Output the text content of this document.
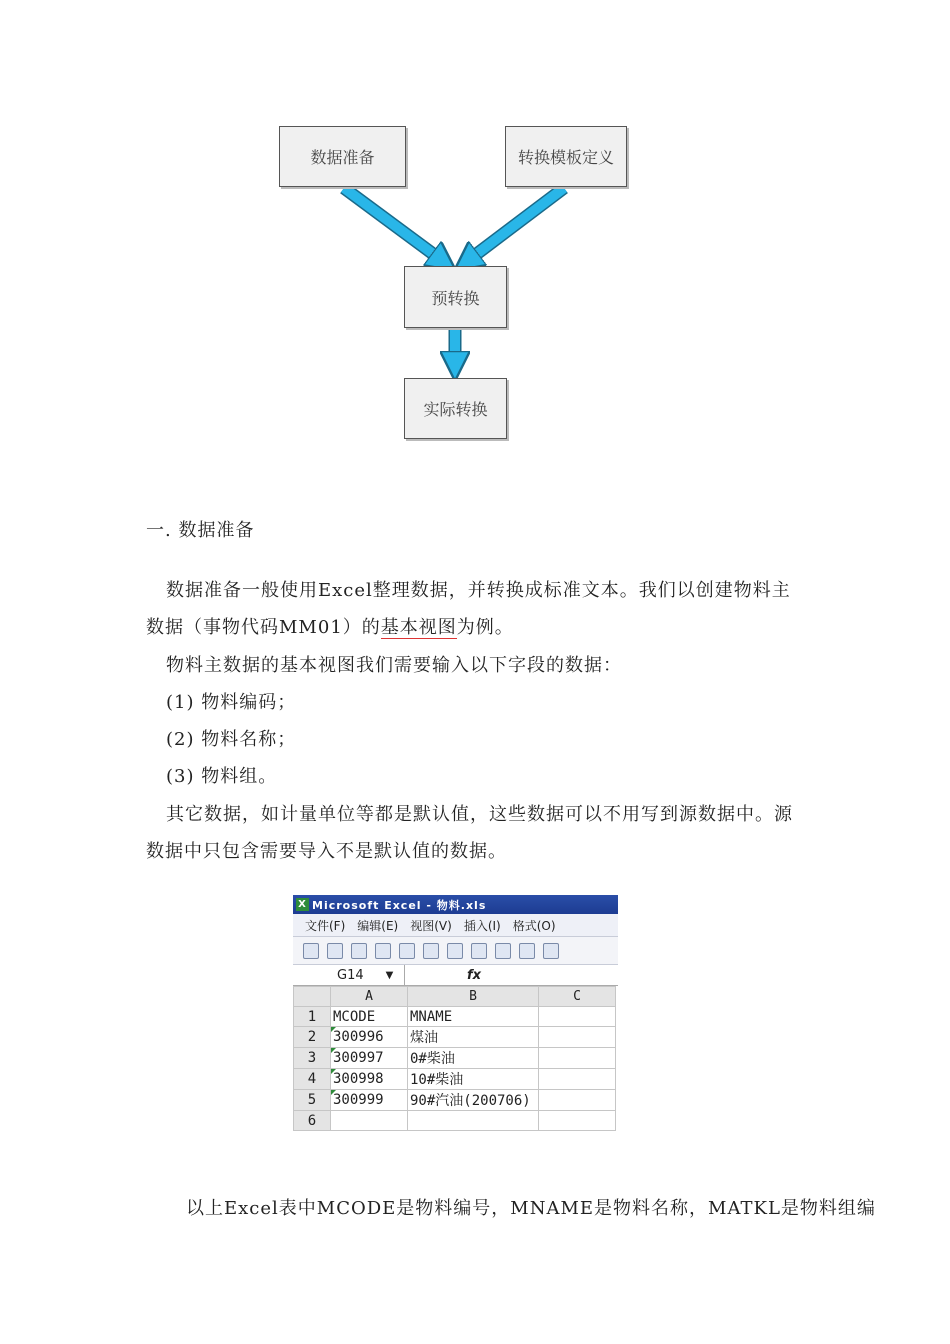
数据准备	转换模板定义
预转换
实际转换
一. 数据准备
数据准备一般使用Excel整理数据，并转换成标准文本。我们以创建物料主
数据（事物代码MM01）的基本视图为例。
物料主数据的基本视图我们需要输入以下字段的数据：
(1) 物料编码；
(2) 物料名称；
(3) 物料组。
其它数据，如计量单位等都是默认值，这些数据可以不用写到源数据中。源
数据中只包含需要导入不是默认值的数据。
X Microsoft Excel - 物料.xls
文件(F) 编辑(E) 视图(V) 插入(I) 格式(O)
G14 ▼	fx
	A	B	C
1	MCODE	MNAME	
2	300996	煤油	
3	300997	0#柴油	
4	300998	10#柴油	
5	300999	90#汽油(200706)	
6			
以上Excel表中MCODE是物料编号，MNAME是物料名称，MATKL是物料组编
